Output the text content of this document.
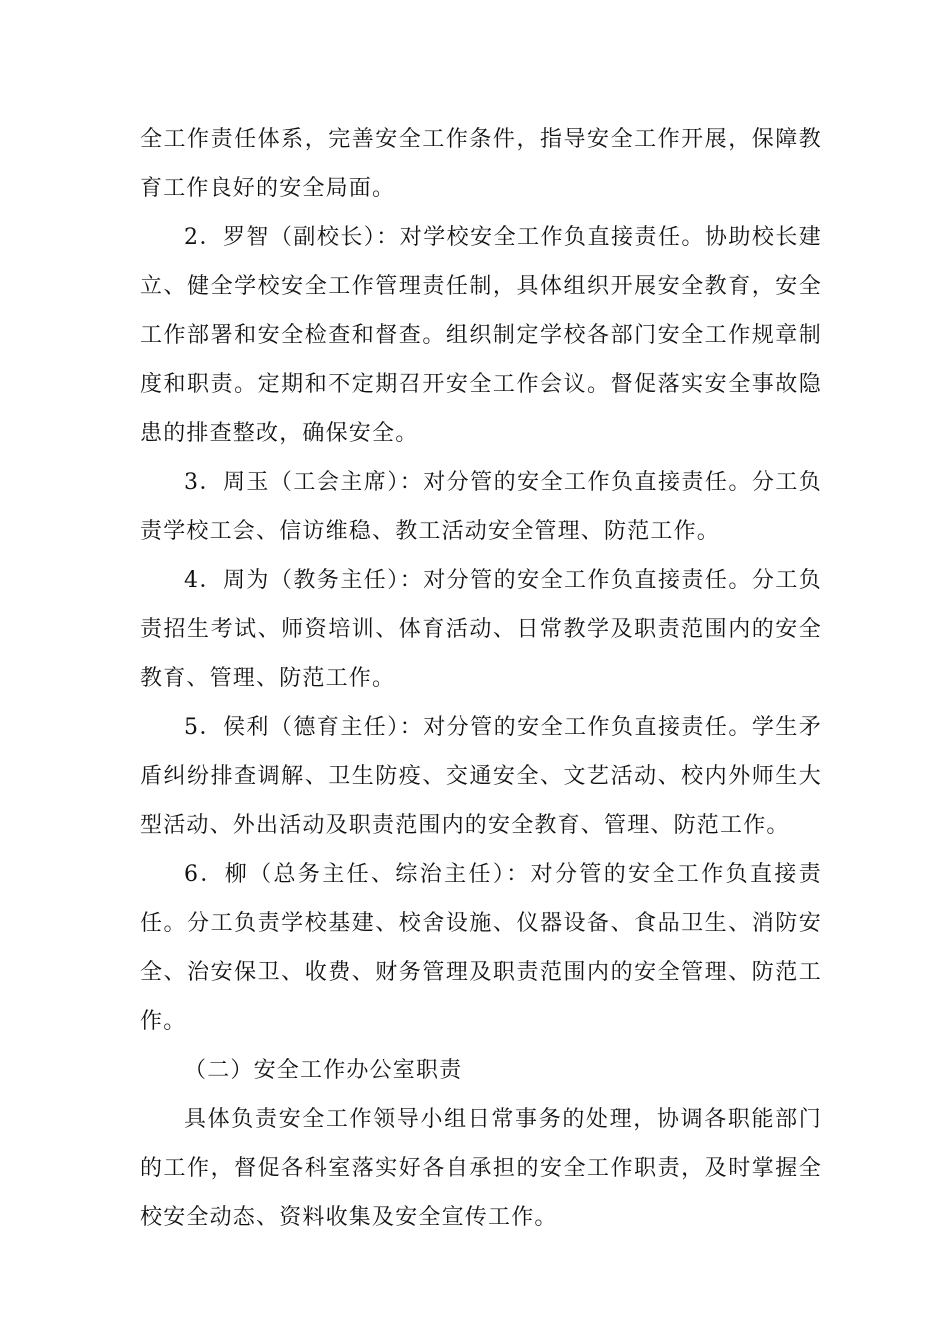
全工作责任体系，完善安全工作条件，指导安全工作开展，保障教育工作良好的安全局面。

2．罗智（副校长）：对学校安全工作负直接责任。协助校长建立、健全学校安全工作管理责任制，具体组织开展安全教育，安全工作部署和安全检查和督查。组织制定学校各部门安全工作规章制度和职责。定期和不定期召开安全工作会议。督促落实安全事故隐患的排查整改，确保安全。

3．周玉（工会主席）：对分管的安全工作负直接责任。分工负责学校工会、信访维稳、教工活动安全管理、防范工作。

4．周为（教务主任）：对分管的安全工作负直接责任。分工负责招生考试、师资培训、体育活动、日常教学及职责范围内的安全教育、管理、防范工作。

5．侯利（德育主任）：对分管的安全工作负直接责任。学生矛盾纠纷排查调解、卫生防疫、交通安全、文艺活动、校内外师生大型活动、外出活动及职责范围内的安全教育、管理、防范工作。

6．柳（总务主任、综治主任）：对分管的安全工作负直接责任。分工负责学校基建、校舍设施、仪器设备、食品卫生、消防安全、治安保卫、收费、财务管理及职责范围内的安全管理、防范工作。

（二）安全工作办公室职责

具体负责安全工作领导小组日常事务的处理，协调各职能部门的工作，督促各科室落实好各自承担的安全工作职责，及时掌握全校安全动态、资料收集及安全宣传工作。
